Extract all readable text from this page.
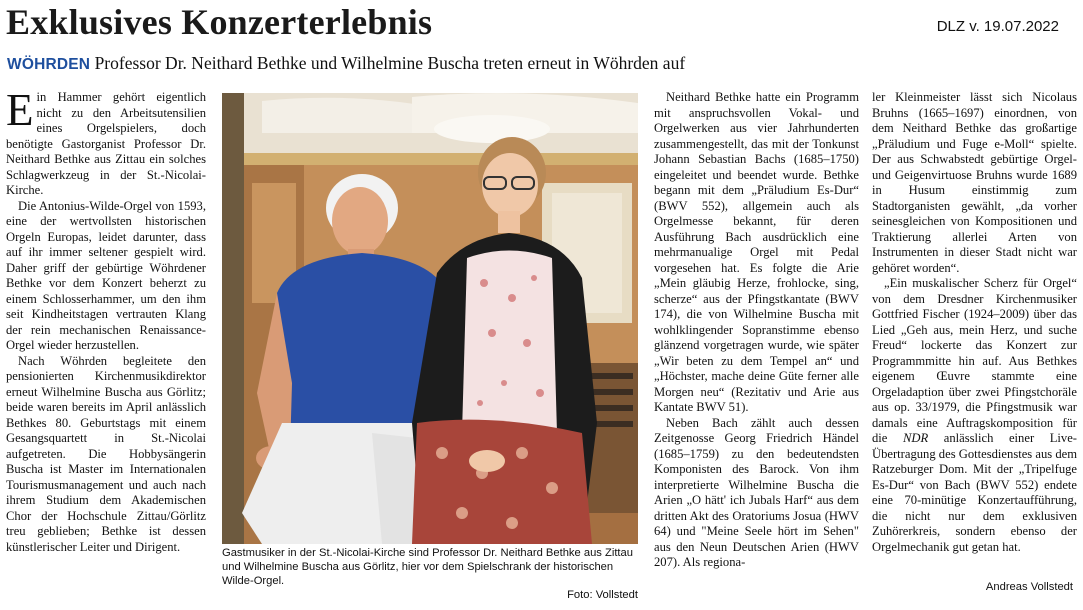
Exklusives Konzerterlebnis	DLZ v. 19.07.2022
WÖHRDEN Professor Dr. Neithard Bethke und Wilhelmine Buscha treten erneut in Wöhrden auf

Ein Hammer gehört eigentlich nicht zu den Arbeitsutensilien eines Orgelspielers, doch benötigte Gastorganist Professor Dr. Neithard Bethke aus Zittau ein solches Schlagwerkzeug in der St.-Nicolai-Kirche.

Die Antonius-Wilde-Orgel von 1593, eine der wertvollsten historischen Orgeln Europas, leidet darunter, dass auf ihr immer seltener gespielt wird. Daher griff der gebürtige Wöhrdener Bethke vor dem Konzert beherzt zu einem Schlosserhammer, um den ihm seit Kindheitstagen vertrauten Klang der rein mechanischen Renaissance-Orgel wieder herzustellen.

Nach Wöhrden begleitete den pensionierten Kirchenmusikdirektor erneut Wilhelmine Buscha aus Görlitz; beide waren bereits im April anlässlich Bethkes 80. Geburtstags mit einem Gesangsquartett in St.-Nicolai aufgetreten. Die Hobbysängerin Buscha ist Master im Internationalen Tourismusmanagement und auch nach ihrem Studium dem Akademischen Chor der Hochschule Zittau/Görlitz treu geblieben; Bethke ist dessen künstlerischer Leiter und Dirigent.	Gastmusiker in der St.-Nicolai-Kirche sind Professor Dr. Neithard Bethke aus Zittau und Wilhelmine Buscha aus Görlitz, hier vor dem Spielschrank der historischen Wilde-Orgel.
Foto: Vollstedt

Neithard Bethke hatte ein Programm mit anspruchsvollen Vokal- und Orgelwerken aus vier Jahrhunderten zusammengestellt, das mit der Tonkunst Johann Sebastian Bachs (1685–1750) eingeleitet und beendet wurde. Bethke begann mit dem „Präludium Es-Dur“ (BWV 552), allgemein auch als Orgelmesse bekannt, für deren Ausführung Bach ausdrücklich eine mehrmanualige Orgel mit Pedal vorgesehen hat. Es folgte die Arie „Mein gläubig Herze, frohlocke, sing, scherze“ aus der Pfingstkantate (BWV 174), die von Wilhelmine Buscha mit wohlklingender Sopranstimme ebenso glänzend vorgetragen wurde, wie später „Wir beten zu dem Tempel an“ und „Höchster, mache deine Güte ferner alle Morgen neu“ (Rezitativ und Arie aus Kantate BWV 51).

Neben Bach zählt auch dessen Zeitgenosse Georg Friedrich Händel (1685–1759) zu den bedeutendsten Komponisten des Barock. Von ihm interpretierte Wilhelmine Buscha die Arien „O hätt' ich Jubals Harf“ aus dem dritten Akt des Oratoriums Josua (HWV 64) und "Meine Seele hört im Sehen" aus den Neun Deutschen Arien (HWV 207). Als regiona-

ler Kleinmeister lässt sich Nicolaus Bruhns (1665–1697) einordnen, von dem Neithard Bethke das großartige „Präludium und Fuge e-Moll“ spielte. Der aus Schwabstedt gebürtige Orgel- und Geigenvirtuose Bruhns wurde 1689 in Husum einstimmig zum Stadtorganisten gewählt, „da vorher seinesgleichen von Kompositionen und Traktierung allerlei Arten von Instrumenten in dieser Stadt nicht war gehöret worden“.

„Ein muskalischer Scherz für Orgel“ von dem Dresdner Kirchenmusiker Gottfried Fischer (1924–2009) über das Lied „Geh aus, mein Herz, und suche Freud“ lockerte das Konzert zur Programmmitte hin auf. Aus Bethkes eigenem Œuvre stammte eine Orgeladaption über zwei Pfingstchoräle aus op. 33/1979, die Pfingstmusik war damals eine Auftragskomposition für die NDR anlässlich einer Live-Übertragung des Gottesdienstes aus dem Ratzeburger Dom. Mit der „Tripelfuge Es-Dur“ von Bach (BWV 552) endete eine 70-minütige Konzertaufführung, die nicht nur dem exklusiven Zuhörerkreis, sondern ebenso der Orgelmechanik gut getan hat.

Andreas Vollstedt
